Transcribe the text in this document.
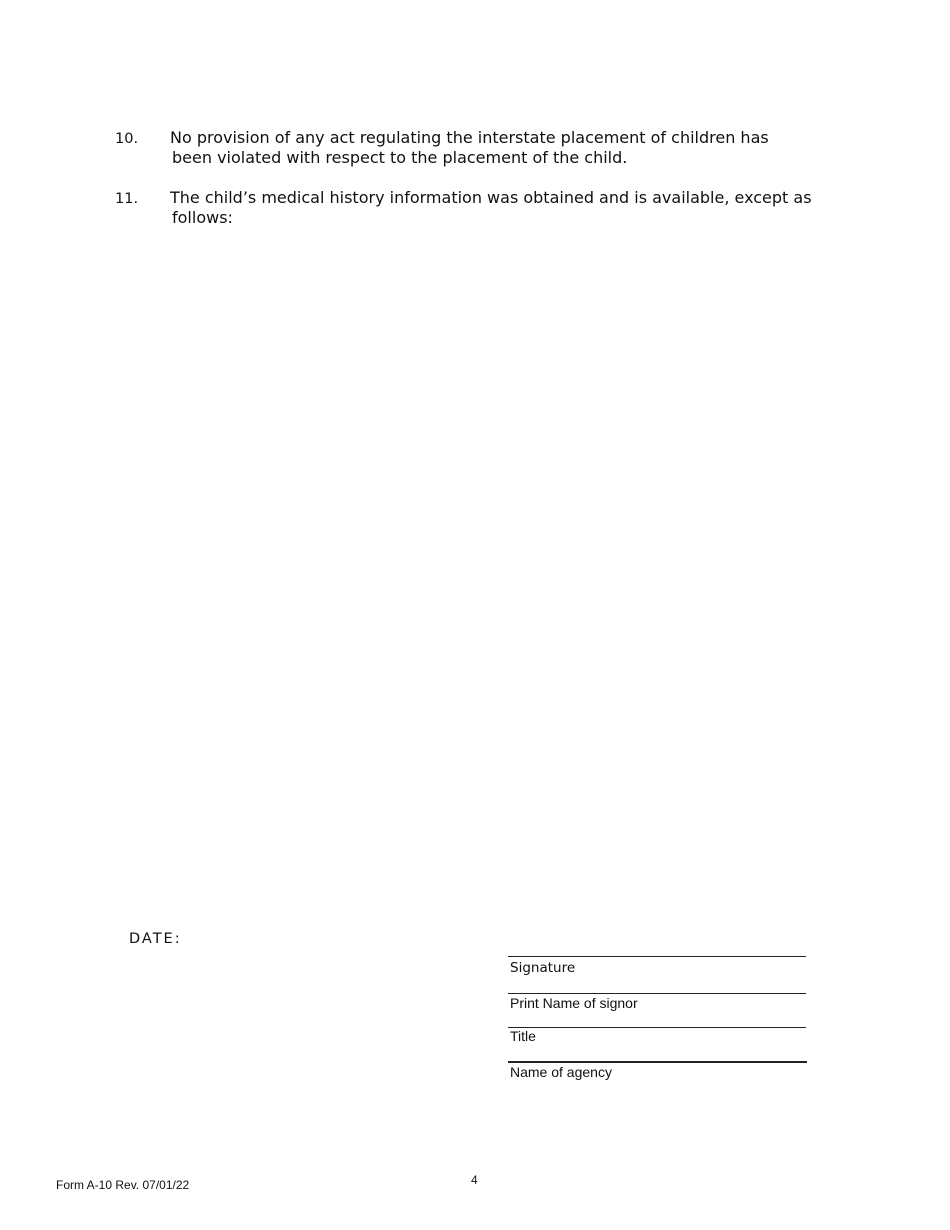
10. No provision of any act regulating the interstate placement of children has
been violated with respect to the placement of the child.
11. The child’s medical history information was obtained and is available, except as
follows:
DATE:
Signature
Print Name of signor
Title
Name of agency
4
Form A-10 Rev. 07/01/22
